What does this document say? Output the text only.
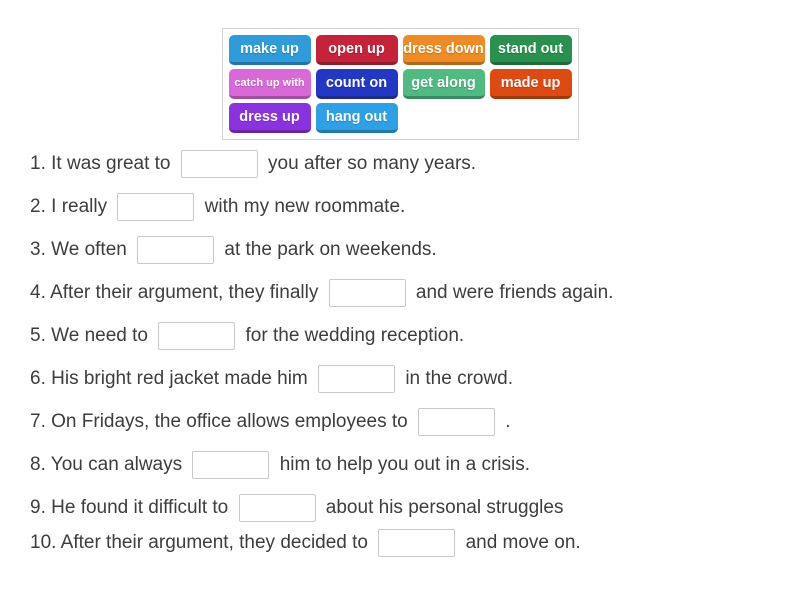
make up	open up	dress down stand out
catch up with	count on	get along	made up
dress up	hang out
1. It was great to	you after so many years.
2. I really	with my new roommate.
3. We often	at the park on weekends.
4. After their argument, they finally	and were friends again.
5. We need to	for the wedding reception.
6. His bright red jacket made him	in the crowd.
7. On Fridays, the office allows employees to	.
8. You can always	him to help you out in a crisis.
9. He found it difficult to	about his personal struggles
10. After their argument, they decided to	and move on.
